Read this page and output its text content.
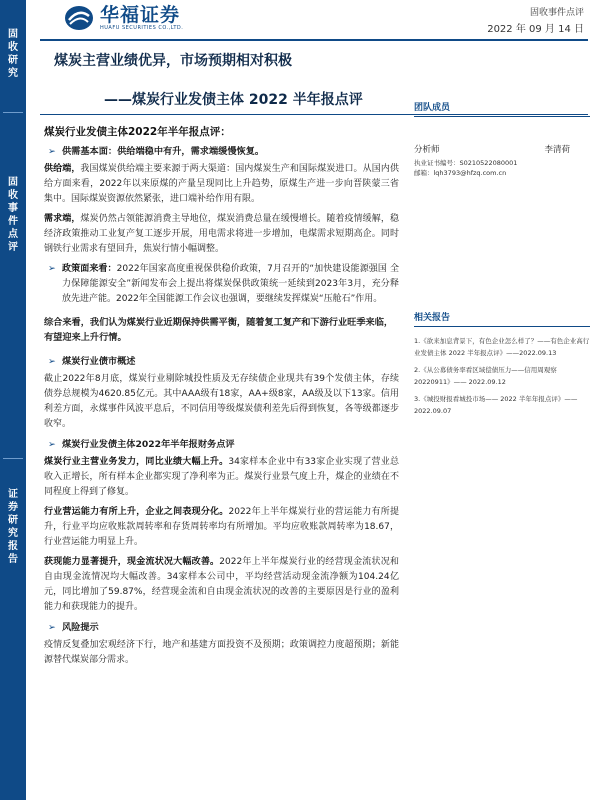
固
收
研
究
固
收
事
件
点
评
证
券
研
究
报
告
华福证券
HUAFU SECURITIES CO.,LTD.
固收事件点评
2022 年 09 月 14 日
煤炭主营业绩优异，市场预期相对积极
——煤炭行业发债主体 2022 半年报点评
煤炭行业发债主体2022年半年报点评：
➢ 供需基本面：供给端稳中有升，需求端缓慢恢复。

供给端，我国煤炭供给端主要来源于两大渠道：国内煤炭生产和国际煤炭进口。从国内供给方面来看，2022年以来原煤的产量呈现同比上升趋势，原煤生产进一步向晋陕蒙三省集中。国际煤炭资源依然紧张，进口端补给作用有限。

需求端，煤炭仍然占领能源消费主导地位，煤炭消费总量在缓慢增长。随着疫情缓解，稳经济政策推动工业复产复工逐步开展，用电需求将进一步增加，电煤需求短期高企。同时钢铁行业需求有望回升，焦炭行情小幅调整。

➢ 政策面来看：2022年国家高度重视保供稳价政策，7月召开的“加快建设能源强国 全力保障能源安全”新闻发布会上提出将煤炭保供政策统一延续到2023年3月，充分释放先进产能。2022年全国能源工作会议也强调，要继续发挥煤炭“压舱石”作用。

综合来看，我们认为煤炭行业近期保持供需平衡，随着复工复产和下游行业旺季来临，有望迎来上升行情。

➢ 煤炭行业债市概述

截止2022年8月底，煤炭行业剔除城投性质及无存续债企业现共有39个发债主体，存续债券总规模为4620.85亿元。其中AAA级有18家，AA+级8家，AA级及以下13家。信用利差方面，永煤事件风波平息后，不同信用等级煤炭债利差先后得到恢复，各等级都逐步收窄。

➢ 煤炭行业发债主体2022年半年报财务点评

煤炭行业主营业务发力，同比业绩大幅上升。34家样本企业中有33家企业实现了营业总收入正增长，所有样本企业都实现了净利率为正。煤炭行业景气度上升，煤企的业绩在不同程度上得到了修复。

行业营运能力有所上升，企业之间表现分化。2022年上半年煤炭行业的营运能力有所提升，行业平均应收账款周转率和存货周转率均有所增加。平均应收账款周转率为18.67，行业营运能力明显上升。

获现能力显著提升，现金流状况大幅改善。2022年上半年煤炭行业的经营现金流状况和自由现金流情况均大幅改善。34家样本公司中，平均经营活动现金流净额为104.24亿元，同比增加了59.87%，经营现金流和自由现金流状况的改善的主要原因是行业的盈利能力和获现能力的提升。

➢ 风险提示

疫情反复叠加宏观经济下行，地产和基建方面投资不及预期；政策调控力度超预期；新能源替代煤炭部分需求。

团队成员
分析师	李清荷
执业证书编号：S0210522080001
邮箱：lqh3793@hfzq.com.cn
相关报告
1.《欲来加息背景下，有色企业怎么样了？——有色企业高行业发债主体 2022 半年报点评》——2022.09.13
2.《从公募债务率看区域偿债压力——信用周观察 20220911》—— 2022.09.12
3.《城投财报看城投市场—— 2022 半年年报点评》—— 2022.09.07
